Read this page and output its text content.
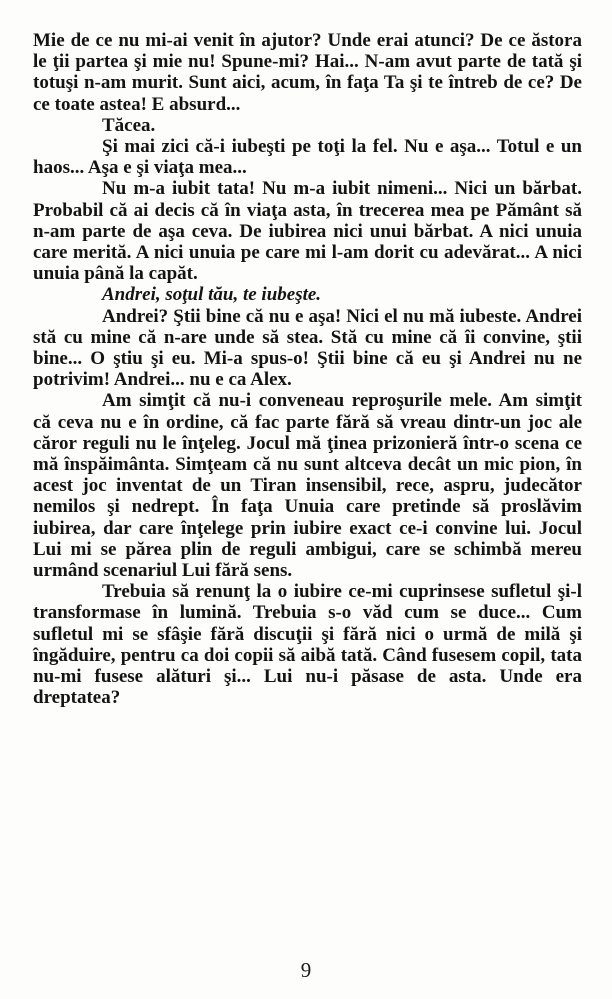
Mie de ce nu mi-ai venit în ajutor? Unde erai atunci? De ce ăstora le ţii partea şi mie nu! Spune-mi? Hai... N-am avut parte de tată şi totuşi n-am murit. Sunt aici, acum, în faţa Ta şi te întreb de ce? De ce toate astea! E absurd...

Tăcea.

Şi mai zici că-i iubeşti pe toţi la fel. Nu e aşa... Totul e un haos... Aşa e şi viaţa mea...

Nu m-a iubit tata! Nu m-a iubit nimeni... Nici un bărbat. Probabil că ai decis că în viaţa asta, în trecerea mea pe Pământ să n-am parte de aşa ceva. De iubirea nici unui bărbat. A nici unuia care merită. A nici unuia pe care mi l-am dorit cu adevărat... A nici unuia până la capăt.

Andrei, soţul tău, te iubeşte.

Andrei? Ştii bine că nu e aşa! Nici el nu mă iubeste. Andrei stă cu mine că n-are unde să stea. Stă cu mine că îi convine, ştii bine... O ştiu şi eu. Mi-a spus-o! Ştii bine că eu şi Andrei nu ne potrivim! Andrei... nu e ca Alex.

Am simţit că nu-i conveneau reproşurile mele. Am simţit că ceva nu e în ordine, că fac parte fără să vreau dintr-un joc ale căror reguli nu le înţeleg. Jocul mă ţinea prizonieră într-o scena ce mă înspăimânta. Simţeam că nu sunt altceva decât un mic pion, în acest joc inventat de un Tiran insensibil, rece, aspru, judecător nemilos şi nedrept. În faţa Unuia care pretinde să proslăvim iubirea, dar care înţelege prin iubire exact ce-i convine lui. Jocul Lui mi se părea plin de reguli ambigui, care se schimbă mereu urmând scenariul Lui fără sens.

Trebuia să renunţ la o iubire ce-mi cuprinsese sufletul şi-l transformase în lumină. Trebuia s-o văd cum se duce... Cum sufletul mi se sfâşie fără discuţii şi fără nici o urmă de milă şi îngăduire, pentru ca doi copii să aibă tată. Când fusesem copil, tata nu-mi fusese alături şi... Lui nu-i păsase de asta. Unde era dreptatea?

9
